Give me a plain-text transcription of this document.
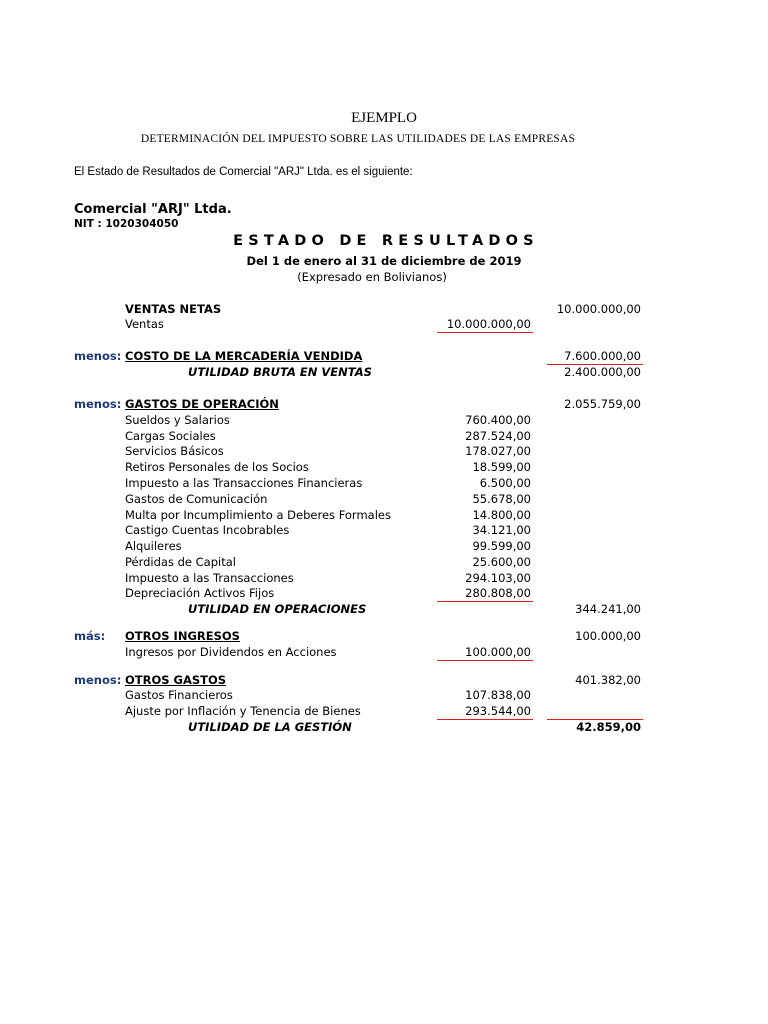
EJEMPLO
DETERMINACIÓN DEL IMPUESTO SOBRE LAS UTILIDADES DE LAS EMPRESAS
El Estado de Resultados de Comercial "ARJ" Ltda. es el siguiente:
Comercial "ARJ" Ltda.
NIT : 1020304050
ESTADO DE RESULTADOS
Del 1 de enero al 31 de diciembre de 2019
(Expresado en Bolivianos)
VENTAS NETAS	10.000.000,00
Ventas	10.000.000,00
menos: COSTO DE LA MERCADERÍA VENDIDA	7.600.000,00
UTILIDAD BRUTA EN VENTAS	2.400.000,00
menos: GASTOS DE OPERACIÓN	2.055.759,00
Sueldos y Salarios	760.400,00
Cargas Sociales	287.524,00
Servicios Básicos	178.027,00
Retiros Personales de los Socios	18.599,00
Impuesto a las Transacciones Financieras	6.500,00
Gastos de Comunicación	55.678,00
Multa por Incumplimiento a Deberes Formales	14.800,00
Castigo Cuentas Incobrables	34.121,00
Alquileres	99.599,00
Pérdidas de Capital	25.600,00
Impuesto a las Transacciones	294.103,00
Depreciación Activos Fijos	280.808,00
UTILIDAD EN OPERACIONES	344.241,00
más: OTROS INGRESOS	100.000,00
Ingresos por Dividendos en Acciones	100.000,00
menos: OTROS GASTOS	401.382,00
Gastos Financieros	107.838,00
Ajuste por Inflación y Tenencia de Bienes	293.544,00
UTILIDAD DE LA GESTIÓN	42.859,00
